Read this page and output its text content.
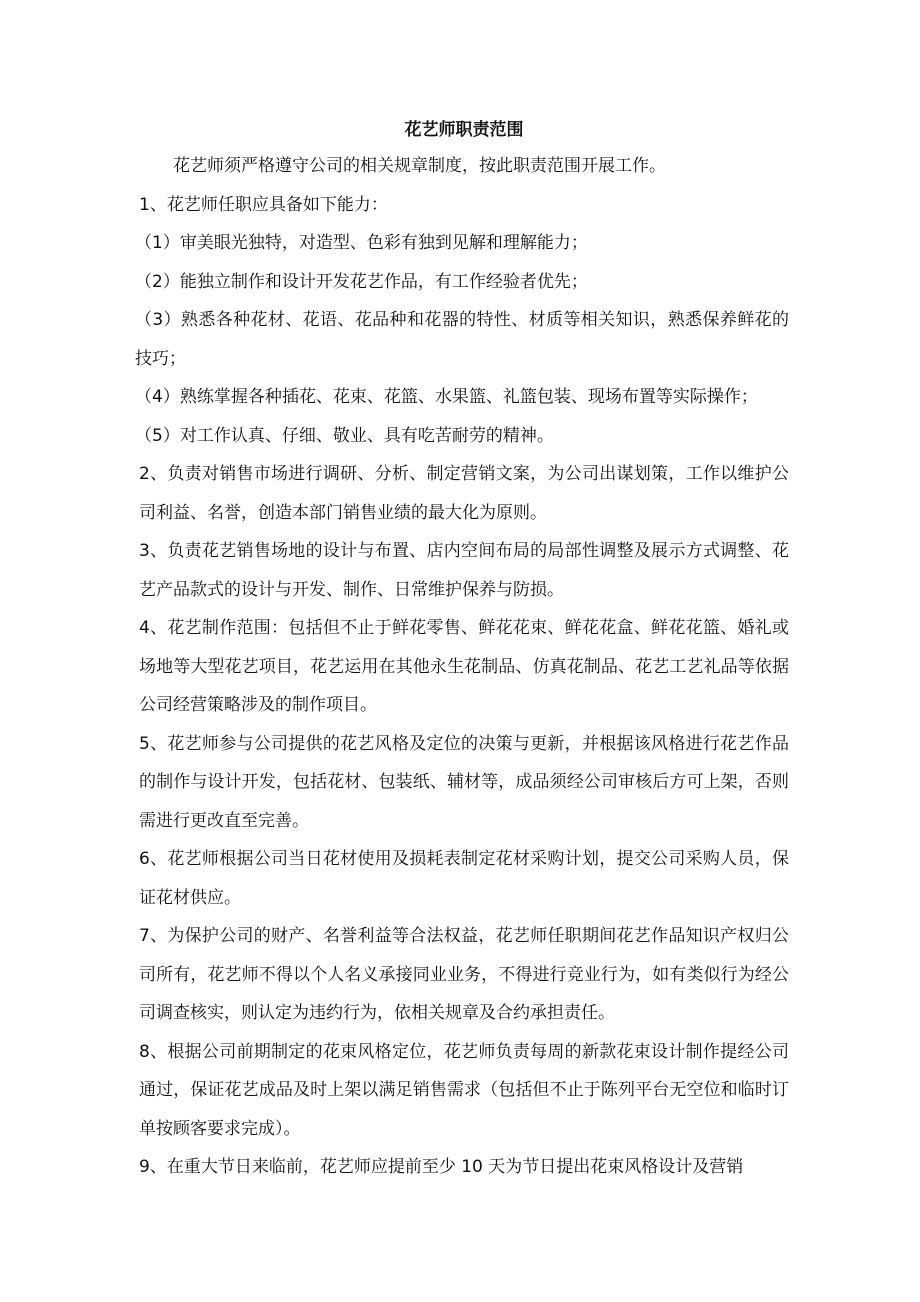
花艺师职责范围

花艺师须严格遵守公司的相关规章制度，按此职责范围开展工作。

1、花艺师任职应具备如下能力：

（1）审美眼光独特，对造型、色彩有独到见解和理解能力；

（2）能独立制作和设计开发花艺作品，有工作经验者优先；

（3）熟悉各种花材、花语、花品种和花器的特性、材质等相关知识，熟悉保养鲜花的技巧；

（4）熟练掌握各种插花、花束、花篮、水果篮、礼篮包装、现场布置等实际操作；

（5）对工作认真、仔细、敬业、具有吃苦耐劳的精神。

2、负责对销售市场进行调研、分析、制定营销文案，为公司出谋划策，工作以维护公司利益、名誉，创造本部门销售业绩的最大化为原则。

3、负责花艺销售场地的设计与布置、店内空间布局的局部性调整及展示方式调整、花艺产品款式的设计与开发、制作、日常维护保养与防损。

4、花艺制作范围：包括但不止于鲜花零售、鲜花花束、鲜花花盒、鲜花花篮、婚礼或场地等大型花艺项目，花艺运用在其他永生花制品、仿真花制品、花艺工艺礼品等依据公司经营策略涉及的制作项目。

5、花艺师参与公司提供的花艺风格及定位的决策与更新，并根据该风格进行花艺作品的制作与设计开发，包括花材、包装纸、辅材等，成品须经公司审核后方可上架，否则需进行更改直至完善。

6、花艺师根据公司当日花材使用及损耗表制定花材采购计划，提交公司采购人员，保证花材供应。

7、为保护公司的财产、名誉利益等合法权益，花艺师任职期间花艺作品知识产权归公司所有，花艺师不得以个人名义承接同业业务，不得进行竞业行为，如有类似行为经公司调查核实，则认定为违约行为，依相关规章及合约承担责任。

8、根据公司前期制定的花束风格定位，花艺师负责每周的新款花束设计制作提经公司通过，保证花艺成品及时上架以满足销售需求（包括但不止于陈列平台无空位和临时订单按顾客要求完成）。

9、在重大节日来临前，花艺师应提前至少 10 天为节日提出花束风格设计及营销
